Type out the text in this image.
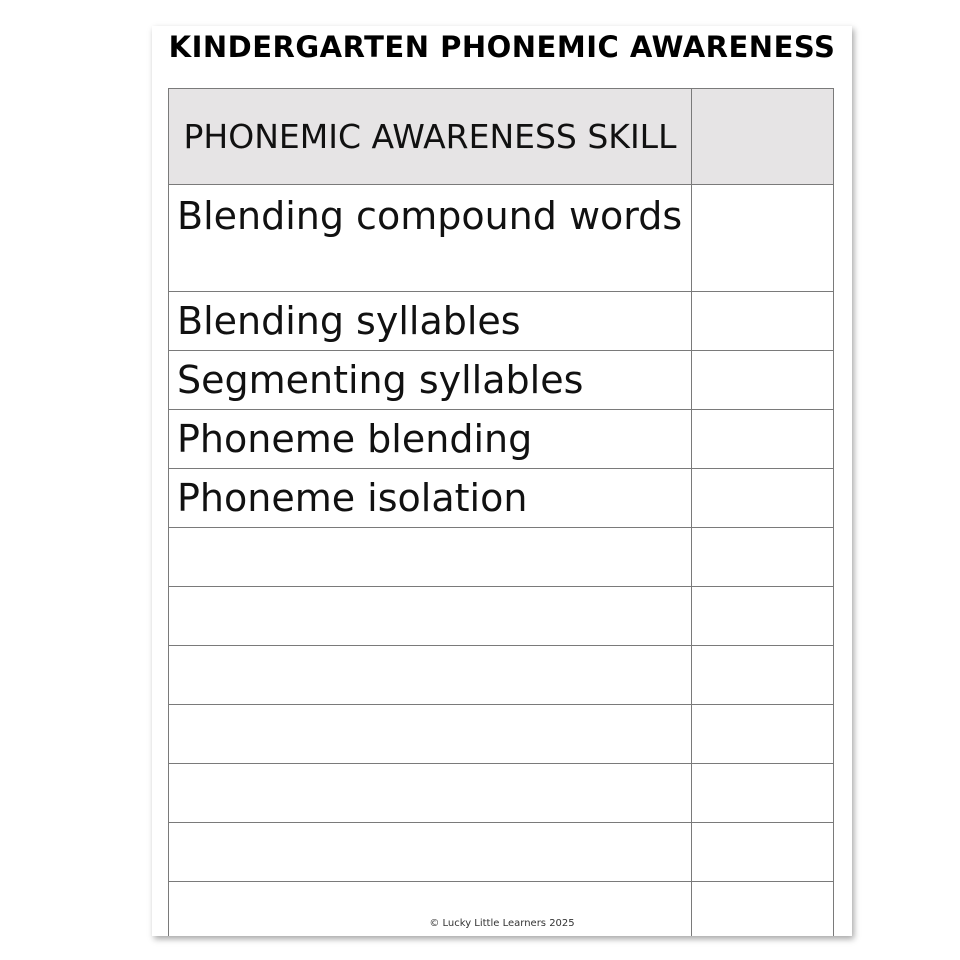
KINDERGARTEN PHONEMIC AWARENESS
PHONEMIC AWARENESS SKILL	

Blending compound words	

Blending syllables	

Segmenting syllables	

Phoneme blending	

Phoneme isolation	

© Lucky Little Learners 2025
